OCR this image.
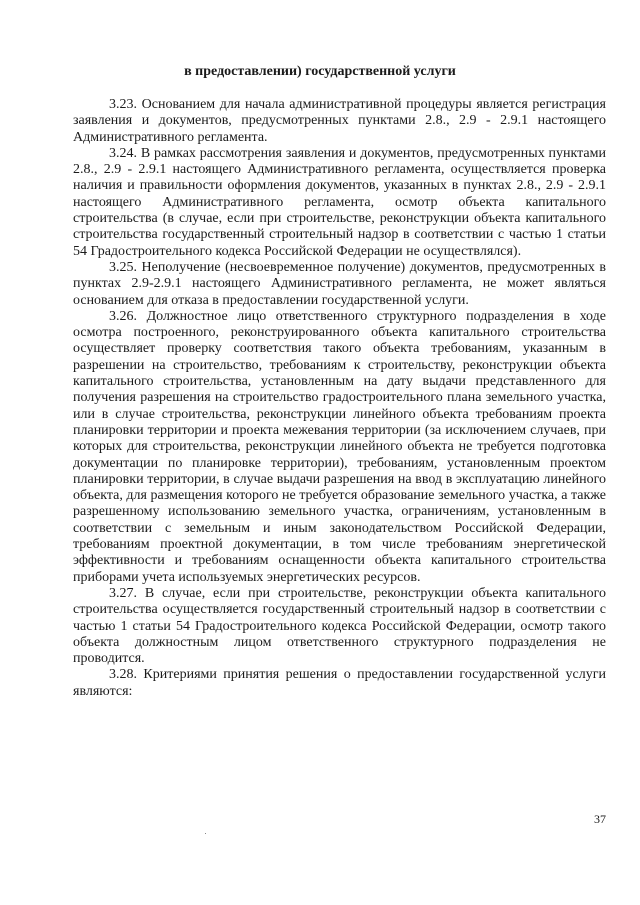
в предоставлении) государственной услуги

3.23. Основанием для начала административной процедуры является регистрация заявления и документов, предусмотренных пунктами 2.8., 2.9 - 2.9.1 настоящего Административного регламента.

3.24. В рамках рассмотрения заявления и документов, предусмотренных пунктами 2.8., 2.9 - 2.9.1 настоящего Административного регламента, осуществляется проверка наличия и правильности оформления документов, указанных в пунктах 2.8., 2.9 - 2.9.1 настоящего Административного регламента, осмотр объекта капитального строительства (в случае, если при строительстве, реконструкции объекта капитального строительства государственный строительный надзор в соответствии с частью 1 статьи 54 Градостроительного кодекса Российской Федерации не осуществлялся).

3.25. Неполучение (несвоевременное получение) документов, предусмотренных в пунктах 2.9-2.9.1 настоящего Административного регламента, не может являться основанием для отказа в предоставлении государственной услуги.

3.26. Должностное лицо ответственного структурного подразделения в ходе осмотра построенного, реконструированного объекта капитального строительства осуществляет проверку соответствия такого объекта требованиям, указанным в разрешении на строительство, требованиям к строительству, реконструкции объекта капитального строительства, установленным на дату выдачи представленного для получения разрешения на строительство градостроительного плана земельного участка, или в случае строительства, реконструкции линейного объекта требованиям проекта планировки территории и проекта межевания территории (за исключением случаев, при которых для строительства, реконструкции линейного объекта не требуется подготовка документации по планировке территории), требованиям, установленным проектом планировки территории, в случае выдачи разрешения на ввод в эксплуатацию линейного объекта, для размещения которого не требуется образование земельного участка, а также разрешенному использованию земельного участка, ограничениям, установленным в соответствии с земельным и иным законодательством Российской Федерации, требованиям проектной документации, в том числе требованиям энергетической эффективности и требованиям оснащенности объекта капитального строительства приборами учета используемых энергетических ресурсов.

3.27. В случае, если при строительстве, реконструкции объекта капитального строительства осуществляется государственный строительный надзор в соответствии с частью 1 статьи 54 Градостроительного кодекса Российской Федерации, осмотр такого объекта должностным лицом ответственного структурного подразделения не проводится.

3.28. Критериями принятия решения о предоставлении государственной услуги являются:

37
